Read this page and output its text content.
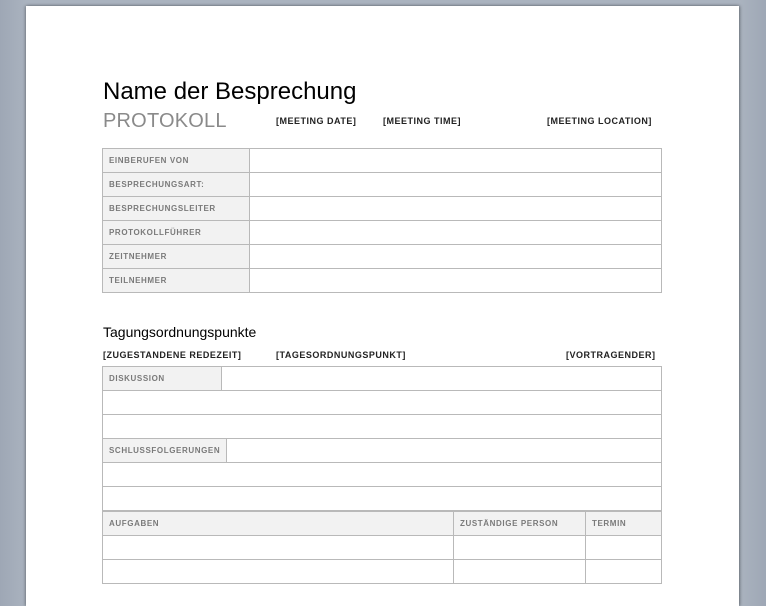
Name der Besprechung
PROTOKOLL	[MEETING DATE]	[MEETING TIME]	[MEETING LOCATION]
EINBERUFEN VON	
BESPRECHUNGSART:	
BESPRECHUNGSLEITER	
PROTOKOLLFÜHRER	
ZEITNEHMER	
TEILNEHMER	
Tagungsordnungspunkte
[ZUGESTANDENE REDEZEIT]	[TAGESORDNUNGSPUNKT]	[VORTRAGENDER]
DISKUSSION	

SCHLUSSFOLGERUNGEN	

AUFGABEN	ZUSTÄNDIGE PERSON	TERMIN
